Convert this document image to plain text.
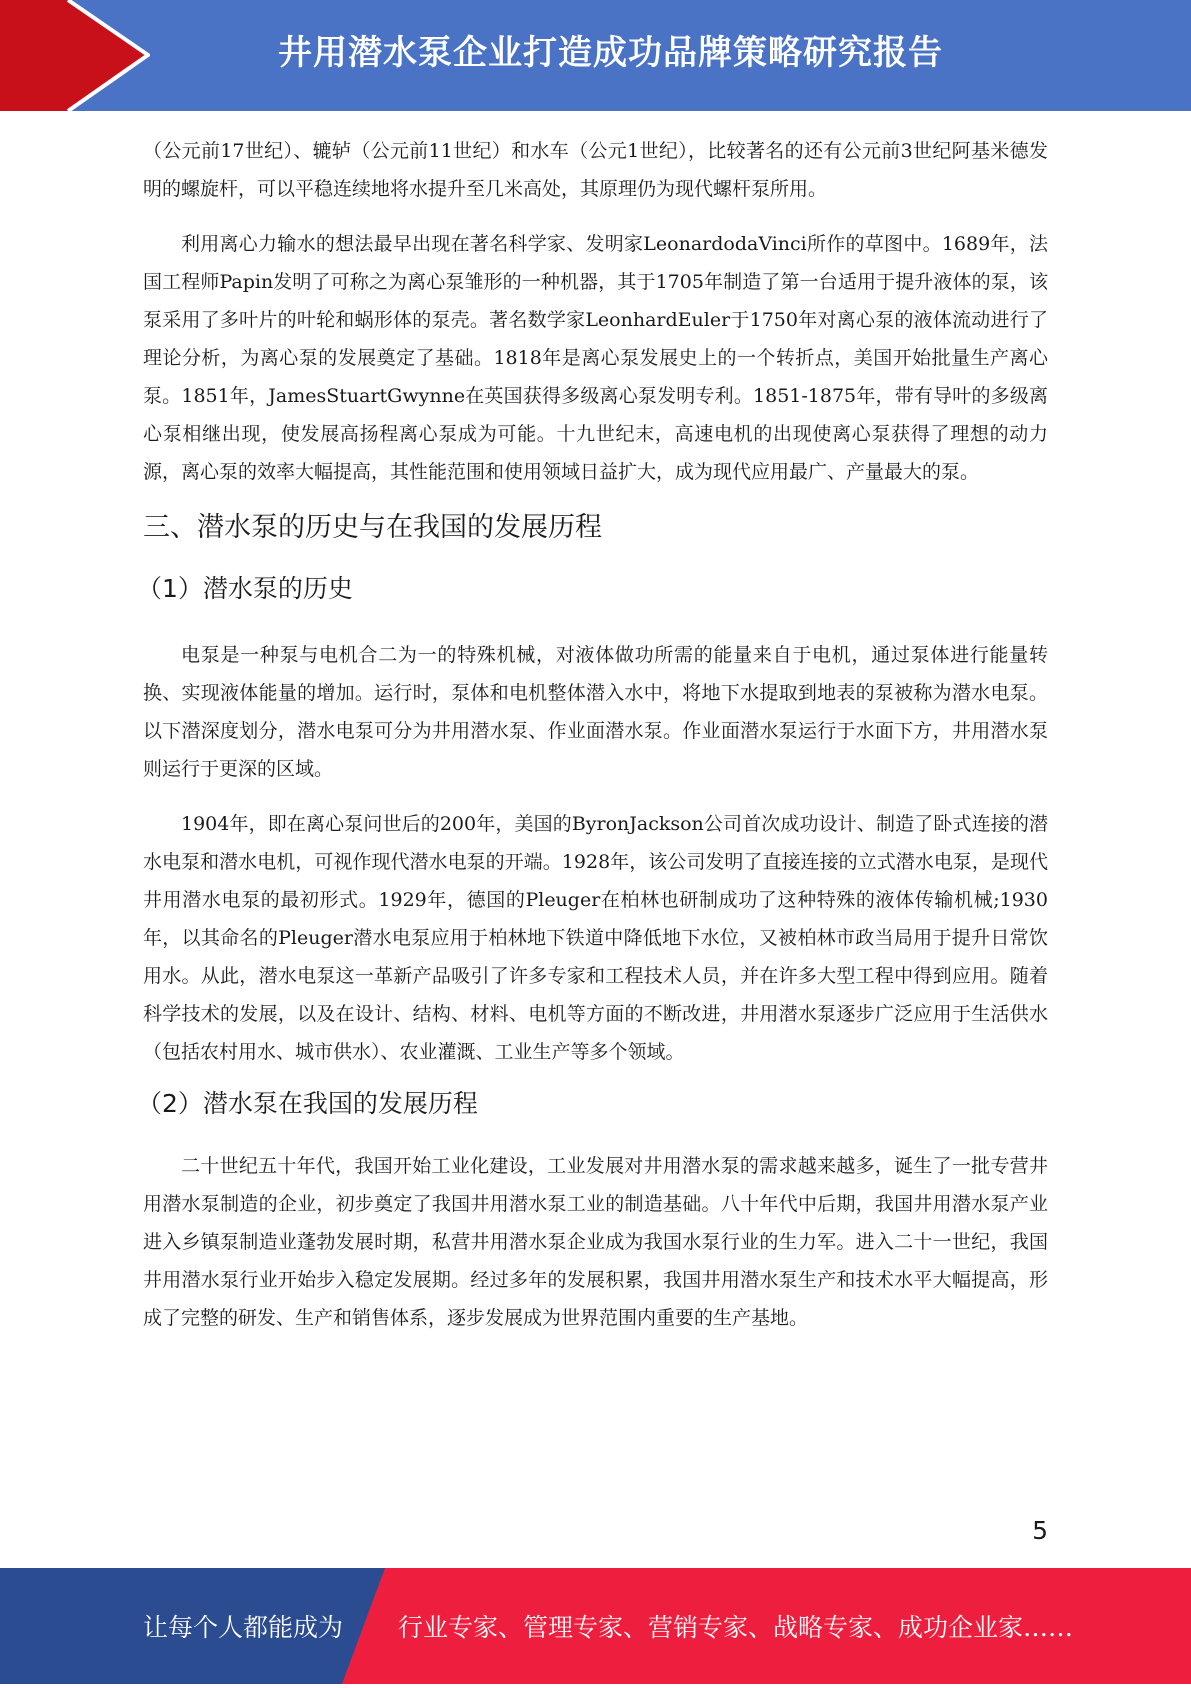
井用潜水泵企业打造成功品牌策略研究报告

（公元前17世纪）、辘轳（公元前11世纪）和水车（公元1世纪），比较著名的还有公元前3世纪阿基米德发明的螺旋杆，可以平稳连续地将水提升至几米高处，其原理仍为现代螺杆泵所用。

利用离心力输水的想法最早出现在著名科学家、发明家LeonardodaVinci所作的草图中。1689年，法国工程师Papin发明了可称之为离心泵雏形的一种机器，其于1705年制造了第一台适用于提升液体的泵，该泵采用了多叶片的叶轮和蜗形体的泵壳。著名数学家LeonhardEuler于1750年对离心泵的液体流动进行了理论分析，为离心泵的发展奠定了基础。1818年是离心泵发展史上的一个转折点，美国开始批量生产离心泵。1851年，JamesStuartGwynne在英国获得多级离心泵发明专利。1851-1875年，带有导叶的多级离心泵相继出现，使发展高扬程离心泵成为可能。十九世纪末，高速电机的出现使离心泵获得了理想的动力源，离心泵的效率大幅提高，其性能范围和使用领域日益扩大，成为现代应用最广、产量最大的泵。

三、潜水泵的历史与在我国的发展历程
（1）潜水泵的历史

电泵是一种泵与电机合二为一的特殊机械，对液体做功所需的能量来自于电机，通过泵体进行能量转换、实现液体能量的增加。运行时，泵体和电机整体潜入水中，将地下水提取到地表的泵被称为潜水电泵。以下潜深度划分，潜水电泵可分为井用潜水泵、作业面潜水泵。作业面潜水泵运行于水面下方，井用潜水泵则运行于更深的区域。

1904年，即在离心泵问世后的200年，美国的ByronJackson公司首次成功设计、制造了卧式连接的潜水电泵和潜水电机，可视作现代潜水电泵的开端。1928年，该公司发明了直接连接的立式潜水电泵，是现代井用潜水电泵的最初形式。1929年，德国的Pleuger在柏林也研制成功了这种特殊的液体传输机械;1930年，以其命名的Pleuger潜水电泵应用于柏林地下铁道中降低地下水位，又被柏林市政当局用于提升日常饮用水。从此，潜水电泵这一革新产品吸引了许多专家和工程技术人员，并在许多大型工程中得到应用。随着科学技术的发展，以及在设计、结构、材料、电机等方面的不断改进，井用潜水泵逐步广泛应用于生活供水（包括农村用水、城市供水）、农业灌溉、工业生产等多个领域。

（2）潜水泵在我国的发展历程

二十世纪五十年代，我国开始工业化建设，工业发展对井用潜水泵的需求越来越多，诞生了一批专营井用潜水泵制造的企业，初步奠定了我国井用潜水泵工业的制造基础。八十年代中后期，我国井用潜水泵产业进入乡镇泵制造业蓬勃发展时期，私营井用潜水泵企业成为我国水泵行业的生力军。进入二十一世纪，我国井用潜水泵行业开始步入稳定发展期。经过多年的发展积累，我国井用潜水泵生产和技术水平大幅提高，形成了完整的研发、生产和销售体系，逐步发展成为世界范围内重要的生产基地。

5
让每个人都能成为 行业专家、管理专家、营销专家、战略专家、成功企业家……
